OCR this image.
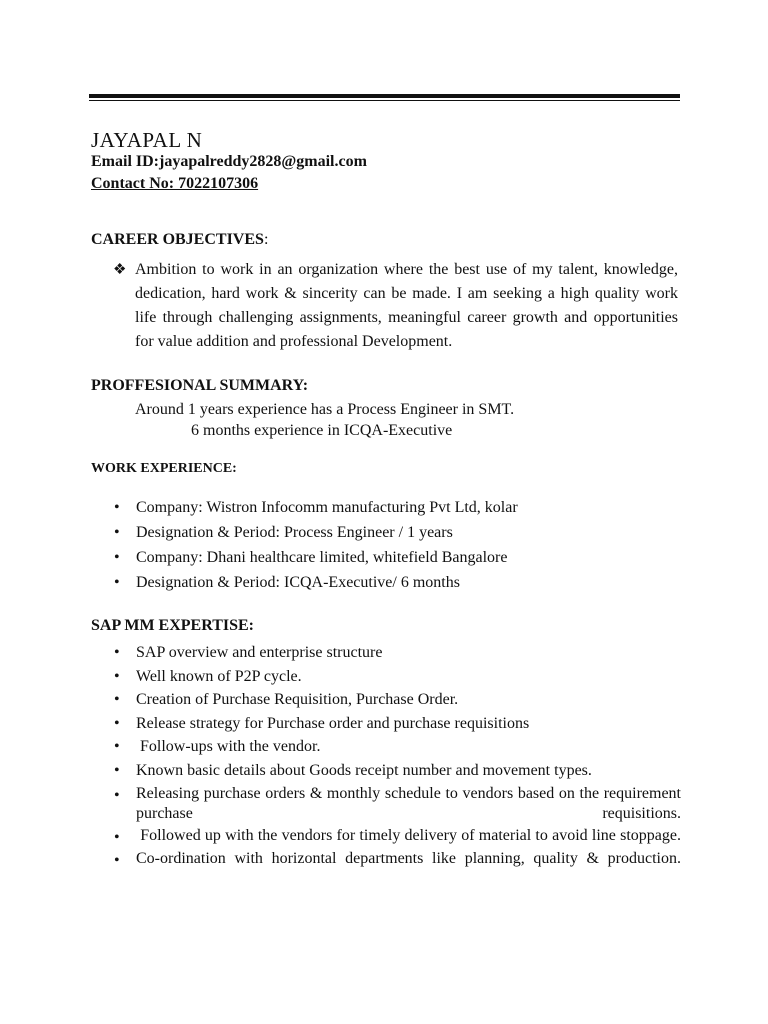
JAYAPAL N
Email ID:jayapalreddy2828@gmail.com
Contact No: 7022107306
CAREER OBJECTIVES:
❖ Ambition to work in an organization where the best use of my talent, knowledge, dedication, hard work & sincerity can be made. I am seeking a high quality work life through challenging assignments, meaningful career growth and opportunities for value addition and professional Development.

PROFFESIONAL SUMMARY:
Around 1 years experience has a Process Engineer in SMT.
6 months experience in ICQA-Executive
WORK EXPERIENCE:
• Company: Wistron Infocomm manufacturing Pvt Ltd, kolar
• Designation & Period: Process Engineer / 1 years
• Company: Dhani healthcare limited, whitefield Bangalore
• Designation & Period: ICQA-Executive/ 6 months
SAP MM EXPERTISE:
• SAP overview and enterprise structure
• Well known of P2P cycle.
• Creation of Purchase Requisition, Purchase Order.
• Release strategy for Purchase order and purchase requisitions
• Follow-ups with the vendor.
• Known basic details about Goods receipt number and movement types.
• Releasing purchase orders & monthly schedule to vendors based on the requirement purchase requisitions.
• Followed up with the vendors for timely delivery of material to avoid line stoppage.
• Co-ordination with horizontal departments like planning, quality & production.
